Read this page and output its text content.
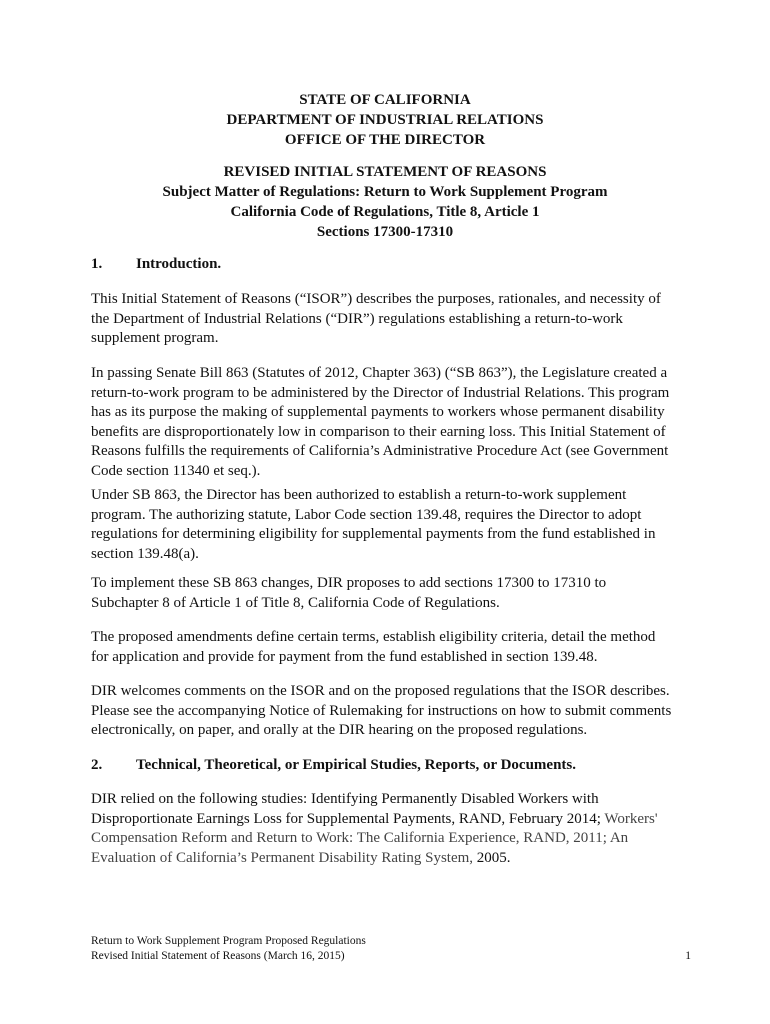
STATE OF CALIFORNIA
DEPARTMENT OF INDUSTRIAL RELATIONS
OFFICE OF THE DIRECTOR
REVISED INITIAL STATEMENT OF REASONS
Subject Matter of Regulations: Return to Work Supplement Program
California Code of Regulations, Title 8, Article 1
Sections 17300-17310
1. Introduction.
This Initial Statement of Reasons (“ISOR”) describes the purposes, rationales, and necessity of
the Department of Industrial Relations (“DIR”) regulations establishing a return-to-work
supplement program.
In passing Senate Bill 863 (Statutes of 2012, Chapter 363) (“SB 863”), the Legislature created a
return-to-work program to be administered by the Director of Industrial Relations. This program
has as its purpose the making of supplemental payments to workers whose permanent disability
benefits are disproportionately low in comparison to their earning loss. This Initial Statement of
Reasons fulfills the requirements of California’s Administrative Procedure Act (see Government
Code section 11340 et seq.).
Under SB 863, the Director has been authorized to establish a return-to-work supplement
program. The authorizing statute, Labor Code section 139.48, requires the Director to adopt
regulations for determining eligibility for supplemental payments from the fund established in
section 139.48(a).
To implement these SB 863 changes, DIR proposes to add sections 17300 to 17310 to
Subchapter 8 of Article 1 of Title 8, California Code of Regulations.
The proposed amendments define certain terms, establish eligibility criteria, detail the method
for application and provide for payment from the fund established in section 139.48.
DIR welcomes comments on the ISOR and on the proposed regulations that the ISOR describes.
Please see the accompanying Notice of Rulemaking for instructions on how to submit comments
electronically, on paper, and orally at the DIR hearing on the proposed regulations.
2. Technical, Theoretical, or Empirical Studies, Reports, or Documents.
DIR relied on the following studies: Identifying Permanently Disabled Workers with
Disproportionate Earnings Loss for Supplemental Payments, RAND, February 2014; Workers'
Compensation Reform and Return to Work: The California Experience, RAND, 2011; An
Evaluation of California’s Permanent Disability Rating System, 2005.
Return to Work Supplement Program Proposed Regulations
Revised Initial Statement of Reasons (March 16, 2015)	1
